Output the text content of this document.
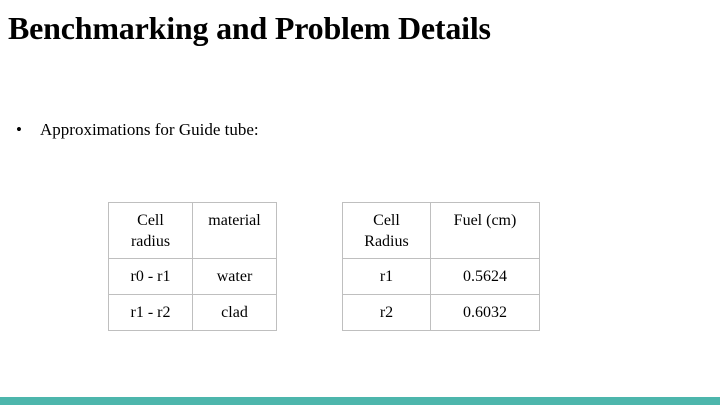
Benchmarking and Problem Details
• Approximations for Guide tube:
Cell
radius	material
r0 - r1	water
r1 - r2	clad
Cell
Radius	Fuel (cm)
r1	0.5624
r2	0.6032
